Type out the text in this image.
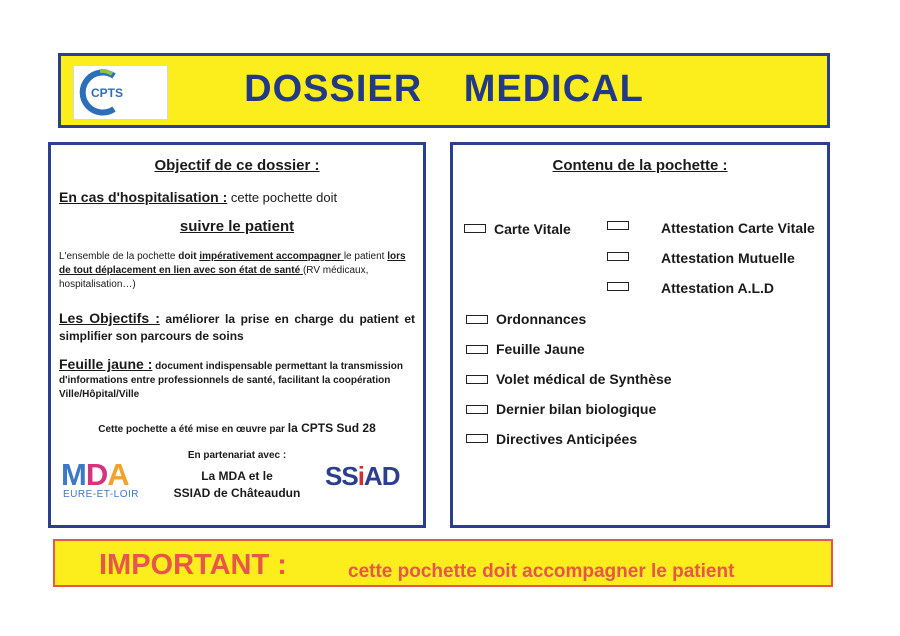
CPTS	DOSSIER MEDICAL
Objectif de ce dossier :
En cas d'hospitalisation : cette pochette doit
suivre le patient
L'ensemble de la pochette doit impérativement accompagner le patient lors de tout déplacement en lien avec son état de santé (RV médicaux, hospitalisation…)
Les Objectifs : améliorer la prise en charge du patient et simplifier son parcours de soins
Feuille jaune : document indispensable permettant la transmission d'informations entre professionnels de santé, facilitant la coopération Ville/Hôpital/Ville
Cette pochette a été mise en œuvre par la CPTS Sud 28
En partenariat avec :
La MDA et le
SSIAD de Châteaudun
MDA
EURE-ET-LOIR
SSiAD
Contenu de la pochette :
Carte Vitale	Attestation Carte Vitale
Attestation Mutuelle
Attestation A.L.D
Ordonnances
Feuille Jaune
Volet médical de Synthèse
Dernier bilan biologique
Directives Anticipées
IMPORTANT :	cette pochette doit accompagner le patient
